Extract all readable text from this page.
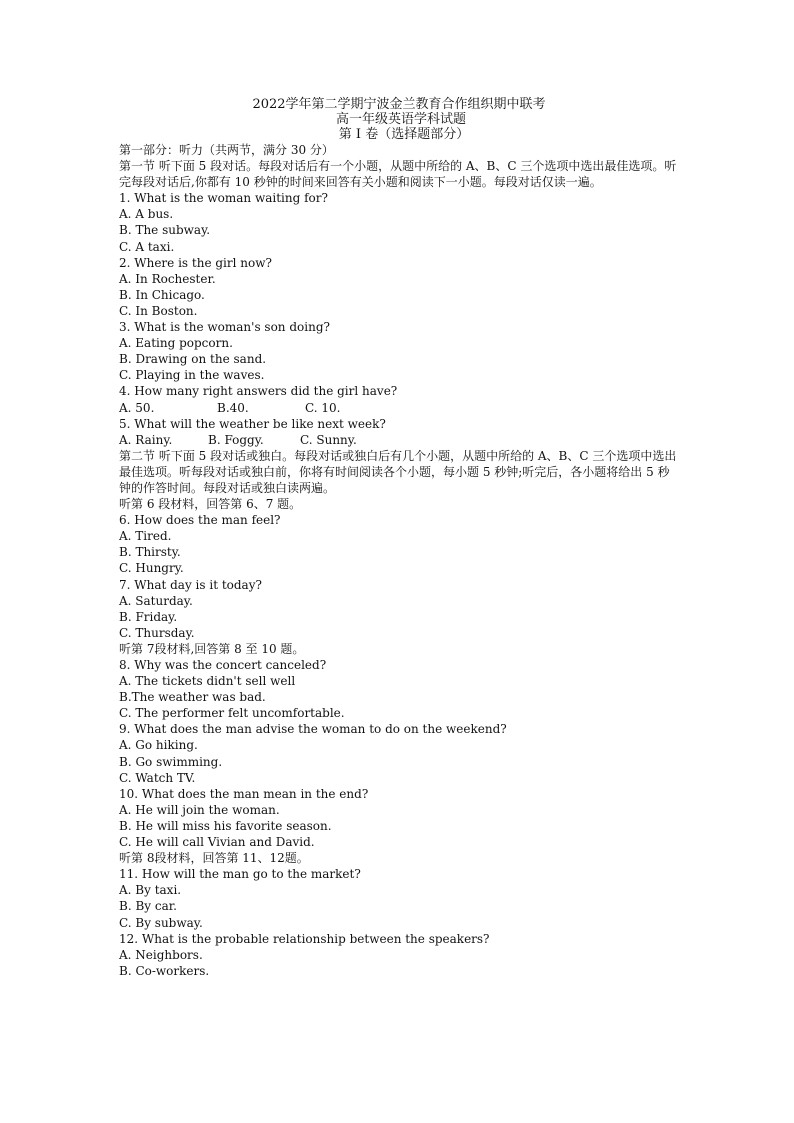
2022学年第二学期宁波金兰教育合作组织期中联考
高一年级英语学科试题
第 I 卷（选择题部分）
第一部分：听力（共两节，满分 30 分）
第一节 听下面 5 段对话。每段对话后有一个小题，从题中所给的 A、B、C 三个选项中选出最佳选项。听完每段对话后,你都有 10 秒钟的时间来回答有关小题和阅读下一小题。每段对话仅读一遍。
1. What is the woman waiting for?
A. A bus.
B. The subway.
C. A taxi.
2. Where is the girl now?
A. In Rochester.
B. In Chicago.
C. In Boston.
3. What is the woman's son doing?
A. Eating popcorn.
B. Drawing on the sand.
C. Playing in the waves.
4. How many right answers did the girl have?
A. 50.	B.40.	C. 10.
5. What will the weather be like next week?
A. Rainy.	B. Foggy.	C. Sunny.
第二节 听下面 5 段对话或独白。每段对话或独白后有几个小题，从题中所给的 A、B、C 三个选项中选出最佳选项。听每段对话或独白前，你将有时间阅读各个小题，每小题 5 秒钟;听完后，各小题将给出 5 秒钟的作答时间。每段对话或独白读两遍。
听第 6 段材料，回答第 6、7 题。
6. How does the man feel?
A. Tired.
B. Thirsty.
C. Hungry.
7. What day is it today?
A. Saturday.
B. Friday.
C. Thursday.
听第 7段材料,回答第 8 至 10 题。
8. Why was the concert canceled?
A. The tickets didn't sell well
B.The weather was bad.
C. The performer felt uncomfortable.
9. What does the man advise the woman to do on the weekend?
A. Go hiking.
B. Go swimming.
C. Watch TV.
10. What does the man mean in the end?
A. He will join the woman.
B. He will miss his favorite season.
C. He will call Vivian and David.
听第 8段材料，回答第 11、12题。
11. How will the man go to the market?
A. By taxi.
B. By car.
C. By subway.
12. What is the probable relationship between the speakers?
A. Neighbors.
B. Co-workers.
